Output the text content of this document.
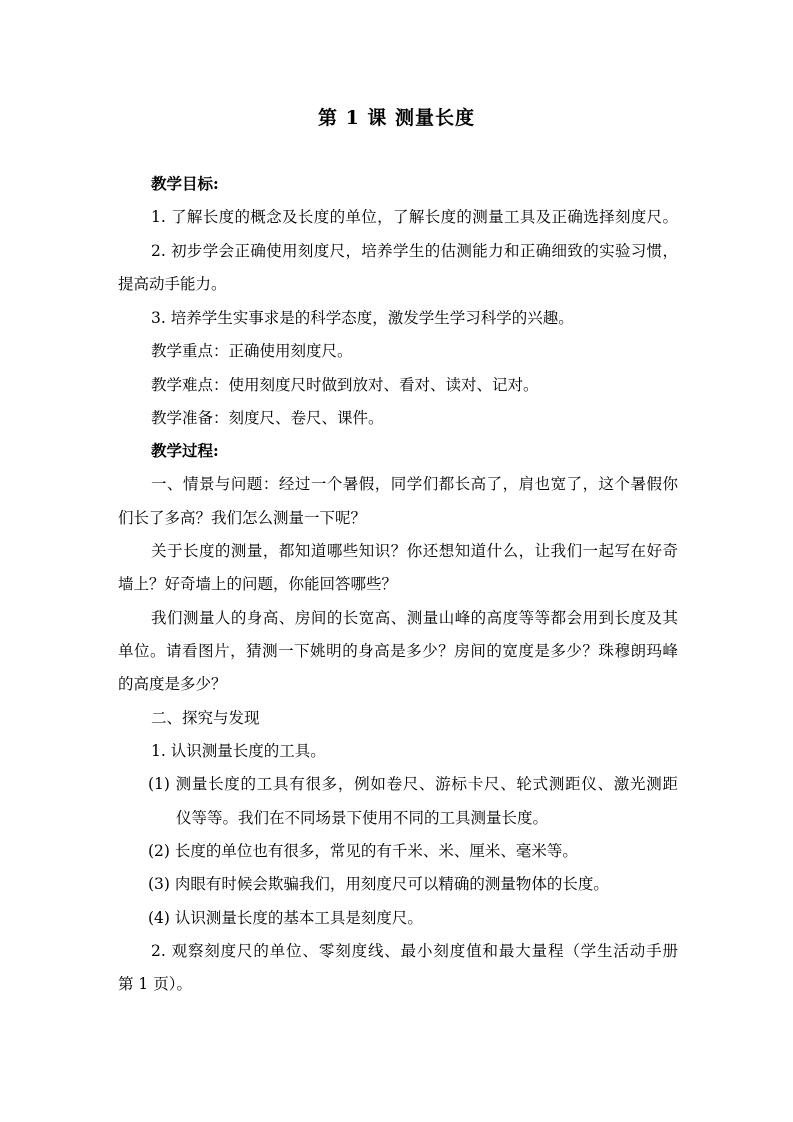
第 1 课 测量长度
教学目标:
1. 了解长度的概念及长度的单位，了解长度的测量工具及正确选择刻度尺。
2. 初步学会正确使用刻度尺，培养学生的估测能力和正确细致的实验习惯，
提高动手能力。
3. 培养学生实事求是的科学态度，激发学生学习科学的兴趣。
教学重点：正确使用刻度尺。
教学难点：使用刻度尺时做到放对、看对、读对、记对。
教学准备：刻度尺、卷尺、课件。
教学过程:
一、情景与问题：经过一个暑假，同学们都长高了，肩也宽了，这个暑假你
们长了多高？我们怎么测量一下呢？
关于长度的测量，都知道哪些知识？你还想知道什么，让我们一起写在好奇
墙上？好奇墙上的问题，你能回答哪些？
我们测量人的身高、房间的长宽高、测量山峰的高度等等都会用到长度及其
单位。请看图片，猜测一下姚明的身高是多少？房间的宽度是多少？珠穆朗玛峰
的高度是多少？
二、探究与发现
1. 认识测量长度的工具。
(1) 测量长度的工具有很多，例如卷尺、游标卡尺、轮式测距仪、激光测距
仪等等。我们在不同场景下使用不同的工具测量长度。
(2) 长度的单位也有很多，常见的有千米、米、厘米、毫米等。
(3) 肉眼有时候会欺骗我们，用刻度尺可以精确的测量物体的长度。
(4) 认识测量长度的基本工具是刻度尺。
2. 观察刻度尺的单位、零刻度线、最小刻度值和最大量程（学生活动手册
第 1 页）。
